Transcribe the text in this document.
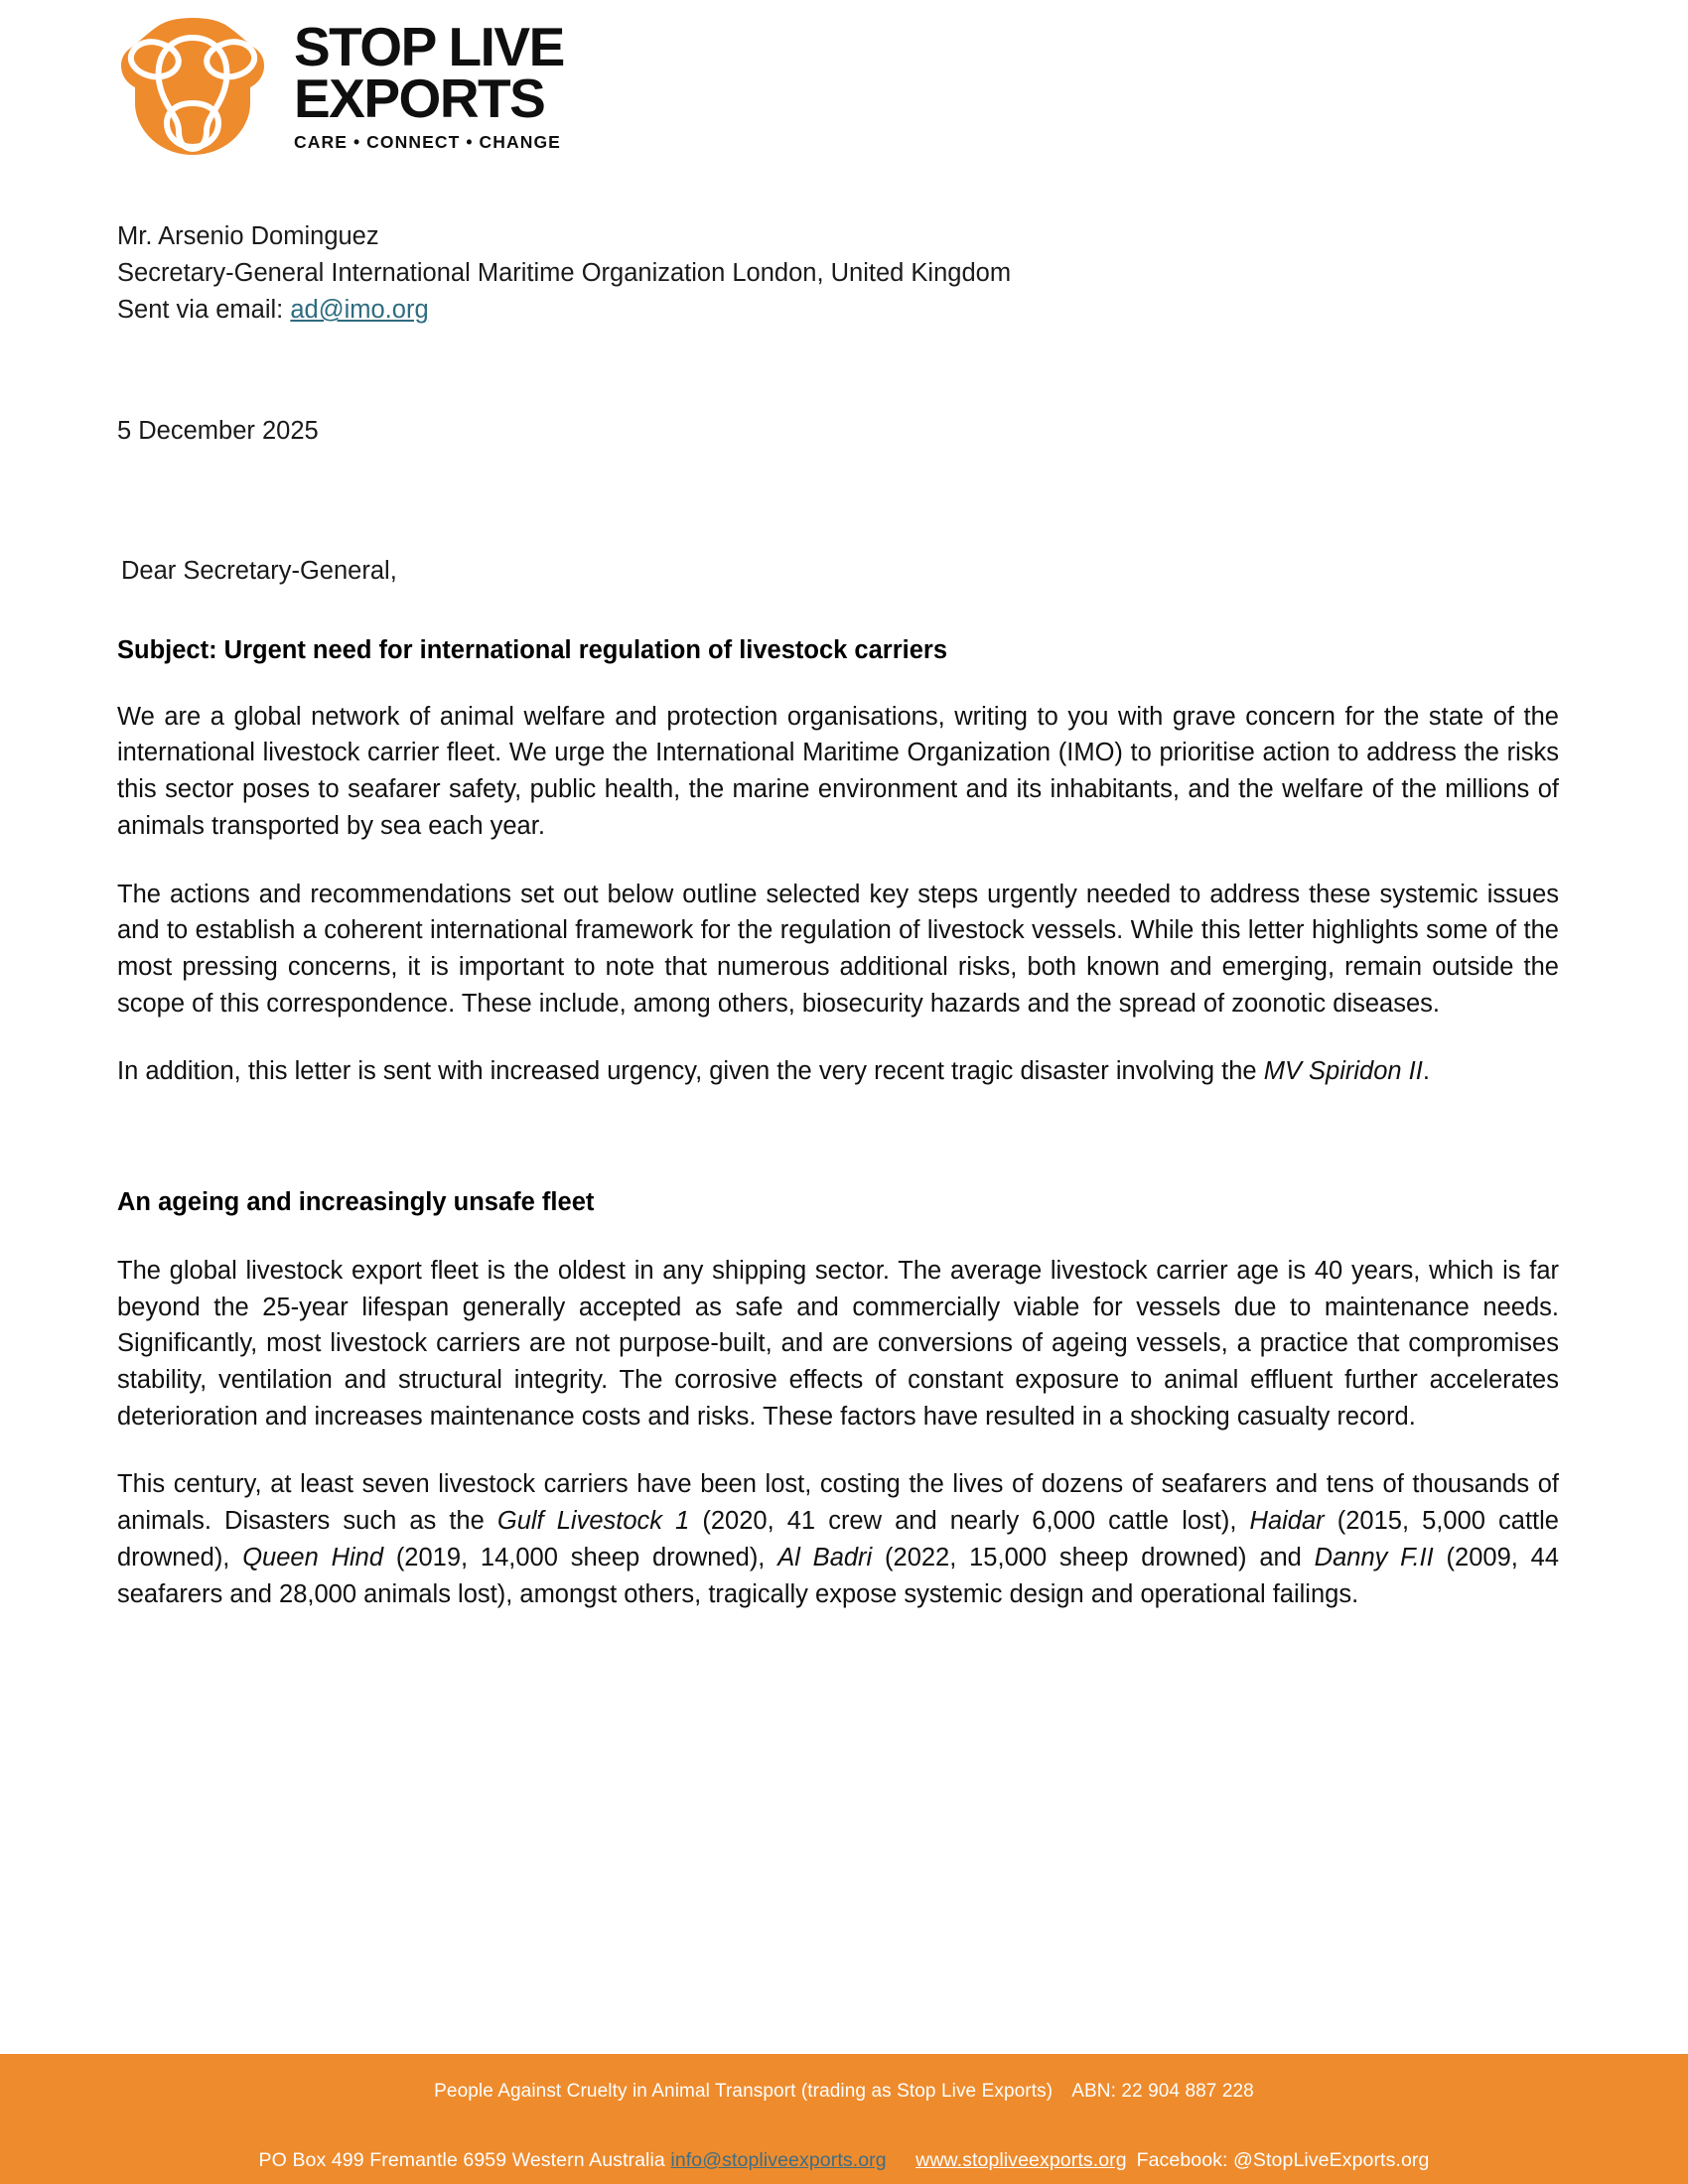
STOP LIVE
EXPORTS
CARE • CONNECT • CHANGE
Mr. Arsenio Dominguez
Secretary-General International Maritime Organization London, United Kingdom
Sent via email: ad@imo.org
5 December 2025
Dear Secretary-General,
Subject: Urgent need for international regulation of livestock carriers

We are a global network of animal welfare and protection organisations, writing to you with grave concern for the state of the international livestock carrier fleet. We urge the International Maritime Organization (IMO) to prioritise action to address the risks this sector poses to seafarer safety, public health, the marine environment and its inhabitants, and the welfare of the millions of animals transported by sea each year.

The actions and recommendations set out below outline selected key steps urgently needed to address these systemic issues and to establish a coherent international framework for the regulation of livestock vessels. While this letter highlights some of the most pressing concerns, it is important to note that numerous additional risks, both known and emerging, remain outside the scope of this correspondence. These include, among others, biosecurity hazards and the spread of zoonotic diseases.

In addition, this letter is sent with increased urgency, given the very recent tragic disaster involving the MV Spiridon II.

An ageing and increasingly unsafe fleet

The global livestock export fleet is the oldest in any shipping sector. The average livestock carrier age is 40 years, which is far beyond the 25-year lifespan generally accepted as safe and commercially viable for vessels due to maintenance needs. Significantly, most livestock carriers are not purpose-built, and are conversions of ageing vessels, a practice that compromises stability, ventilation and structural integrity. The corrosive effects of constant exposure to animal effluent further accelerates deterioration and increases maintenance costs and risks. These factors have resulted in a shocking casualty record.

This century, at least seven livestock carriers have been lost, costing the lives of dozens of seafarers and tens of thousands of animals. Disasters such as the Gulf Livestock 1 (2020, 41 crew and nearly 6,000 cattle lost), Haidar (2015, 5,000 cattle drowned), Queen Hind (2019, 14,000 sheep drowned), Al Badri (2022, 15,000 sheep drowned) and Danny F.II (2009, 44 seafarers and 28,000 animals lost), amongst others, tragically expose systemic design and operational failings.

People Against Cruelty in Animal Transport (trading as Stop Live Exports) ABN: 22 904 887 228
PO Box 499 Fremantle 6959 Western Australia info@stopliveexports.org   www.stopliveexports.org Facebook: @StopLiveExports.org
